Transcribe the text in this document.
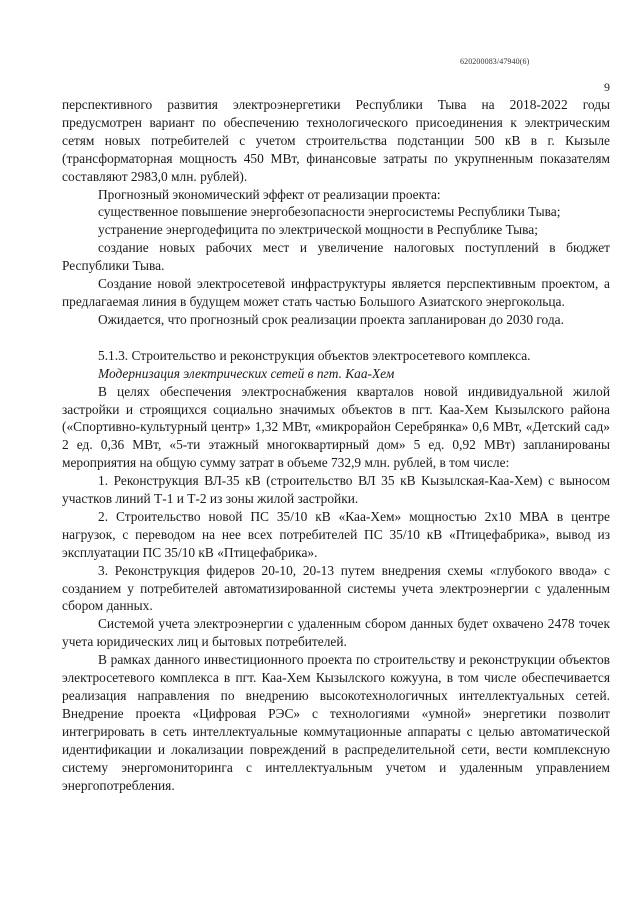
620200083/47940(6)
9

перспективного развития электроэнергетики Республики Тыва на 2018-2022 годы предусмотрен вариант по обеспечению технологического присоединения к электрическим сетям новых потребителей с учетом строительства подстанции 500 кВ в г. Кызыле (трансформаторная мощность 450 МВт, финансовые затраты по укрупненным показателям составляют 2983,0 млн. рублей).

Прогнозный экономический эффект от реализации проекта:

существенное повышение энергобезопасности энергосистемы Республики Тыва;

устранение энергодефицита по электрической мощности в Республике Тыва;

создание новых рабочих мест и увеличение налоговых поступлений в бюджет Республики Тыва.

Создание новой электросетевой инфраструктуры является перспективным проектом, а предлагаемая линия в будущем может стать частью Большого Азиатского энергокольца.

Ожидается, что прогнозный срок реализации проекта запланирован до 2030 года.

5.1.3. Строительство и реконструкция объектов электросетевого комплекса.

Модернизация электрических сетей в пгт. Каа-Хем

В целях обеспечения электроснабжения кварталов новой индивидуальной жилой застройки и строящихся социально значимых объектов в пгт. Каа-Хем Кызылского района («Спортивно-культурный центр» 1,32 МВт, «микрорайон Серебрянка» 0,6 МВт, «Детский сад» 2 ед. 0,36 МВт, «5-ти этажный многоквартирный дом» 5 ед. 0,92 МВт) запланированы мероприятия на общую сумму затрат в объеме 732,9 млн. рублей, в том числе:

1. Реконструкция ВЛ-35 кВ (строительство ВЛ 35 кВ Кызылская-Каа-Хем) с выносом участков линий Т-1 и Т-2 из зоны жилой застройки.

2. Строительство новой ПС 35/10 кВ «Каа-Хем» мощностью 2х10 МВА в центре нагрузок, с переводом на нее всех потребителей ПС 35/10 кВ «Птицефабрика», вывод из эксплуатации ПС 35/10 кВ «Птицефабрика».

3. Реконструкция фидеров 20-10, 20-13 путем внедрения схемы «глубокого ввода» с созданием у потребителей автоматизированной системы учета электроэнергии с удаленным сбором данных.

Системой учета электроэнергии с удаленным сбором данных будет охвачено 2478 точек учета юридических лиц и бытовых потребителей.

В рамках данного инвестиционного проекта по строительству и реконструкции объектов электросетевого комплекса в пгт. Каа-Хем Кызылского кожууна, в том числе обеспечивается реализация направления по внедрению высокотехнологичных интеллектуальных сетей. Внедрение проекта «Цифровая РЭС» с технологиями «умной» энергетики позволит интегрировать в сеть интеллектуальные коммутационные аппараты с целью автоматической идентификации и локализации повреждений в распределительной сети, вести комплексную систему энергомониторинга с интеллектуальным учетом и удаленным управлением энергопотребления.
